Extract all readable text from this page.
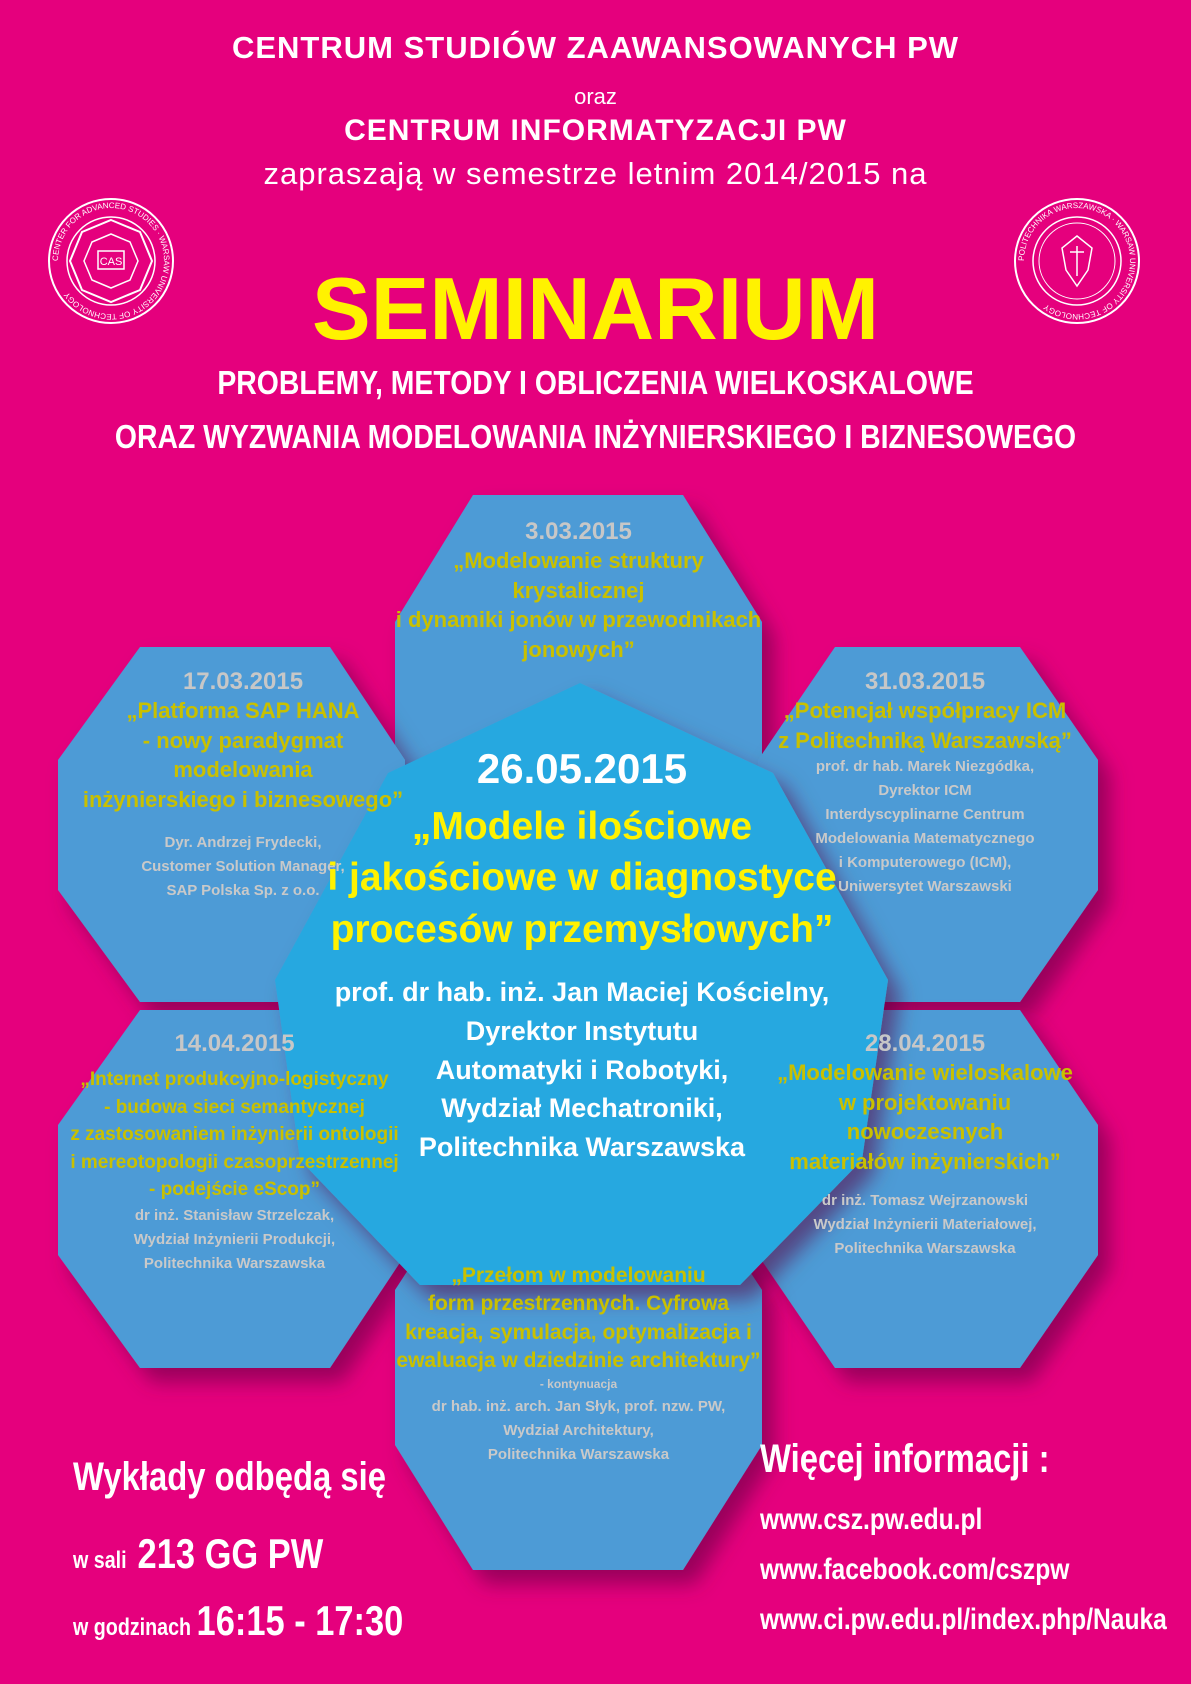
CENTRUM STUDIÓW ZAAWANSOWANYCH PW
oraz
CENTRUM INFORMATYZACJI PW
zapraszają w semestrze letnim 2014/2015 na
CAS
CENTER FOR ADVANCED STUDIES · WARSAW UNIVERSITY OF TECHNOLOGY
POLITECHNIKA WARSZAWSKA · WARSAW UNIVERSITY OF TECHNOLOGY
SEMINARIUM
PROBLEMY, METODY I OBLICZENIA WIELKOSKALOWE
ORAZ WYZWANIA MODELOWANIA INŻYNIERSKIEGO I BIZNESOWEGO
3.03.2015
„Modelowanie struktury
krystalicznej
i dynamiki jonów w przewodnikach
jonowych”
17.03.2015
„Platforma SAP HANA
- nowy paradygmat modelowania
inżynierskiego i biznesowego”
Dyr. Andrzej Frydecki,
Customer Solution Manager,
SAP Polska Sp. z o.o.
31.03.2015
„Potencjał współpracy ICM
z Politechniką Warszawską”
prof. dr hab. Marek Niezgódka,
Dyrektor ICM
Interdyscyplinarne Centrum
Modelowania Matematycznego
i Komputerowego (ICM),
Uniwersytet Warszawski
14.04.2015
„Internet produkcyjno-logistyczny
- budowa sieci semantycznej
z zastosowaniem inżynierii ontologii
i mereotopologii czasoprzestrzennej
- podejście eScop”
dr inż. Stanisław Strzelczak,
Wydział Inżynierii Produkcji,
Politechnika Warszawska
28.04.2015
„Modelowanie wieloskalowe
w projektowaniu nowoczesnych
materiałów inżynierskich”
dr inż. Tomasz Wejrzanowski
Wydział Inżynierii Materiałowej,
Politechnika Warszawska
„Przełom w modelowaniu
form przestrzennych. Cyfrowa
kreacja, symulacja, optymalizacja i
ewaluacja w dziedzinie architektury”
- kontynuacja
dr hab. inż. arch. Jan Słyk, prof. nzw. PW,
Wydział Architektury,
Politechnika Warszawska
26.05.2015
„Modele ilościowe
i jakościowe w diagnostyce
procesów przemysłowych”
prof. dr hab. inż. Jan Maciej Kościelny,
Dyrektor Instytutu
Automatyki i Robotyki,
Wydział Mechatroniki,
Politechnika Warszawska
Wykłady odbędą się
w sali 213 GG PW
w godzinach 16:15 - 17:30
Więcej informacji :
www.csz.pw.edu.pl
www.facebook.com/cszpw
www.ci.pw.edu.pl/index.php/Nauka
